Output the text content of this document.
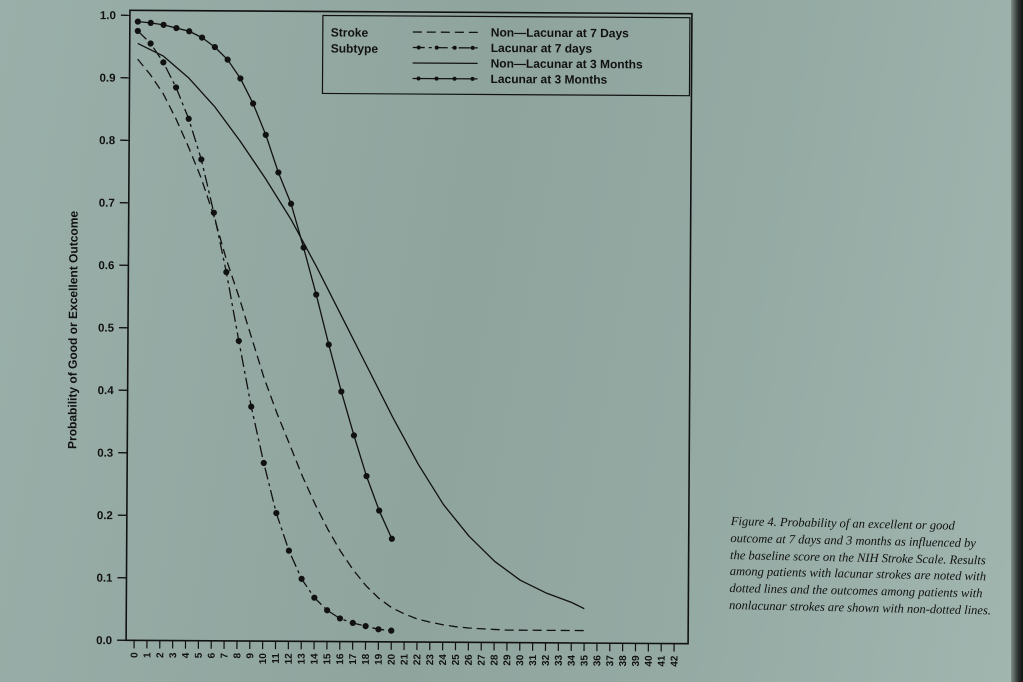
0.0
0.1
0.2
0.3
0.4
0.5
0.6
0.7
0.8
0.9
1.0
0 1 2 3 4 5 6 7 8 9 10 11 12 13 14 15 16 17 18 19 20 21 22 23 24 25 26 27 28 29 30 31 32 33 34 35 36 37 38 39 40 41 42
Probability of Good or Excellent Outcome
Stroke
Subtype
Non—Lacunar at 7 Days
Lacunar at 7 days
Non—Lacunar at 3 Months
Lacunar at 3 Months
Figure 4. Probability of an excellent or good outcome at 7 days and 3 months as influenced by the baseline score on the NIH Stroke Scale. Results among patients with lacunar strokes are noted with dotted lines and the outcomes among patients with nonlacunar strokes are shown with non-dotted lines.
